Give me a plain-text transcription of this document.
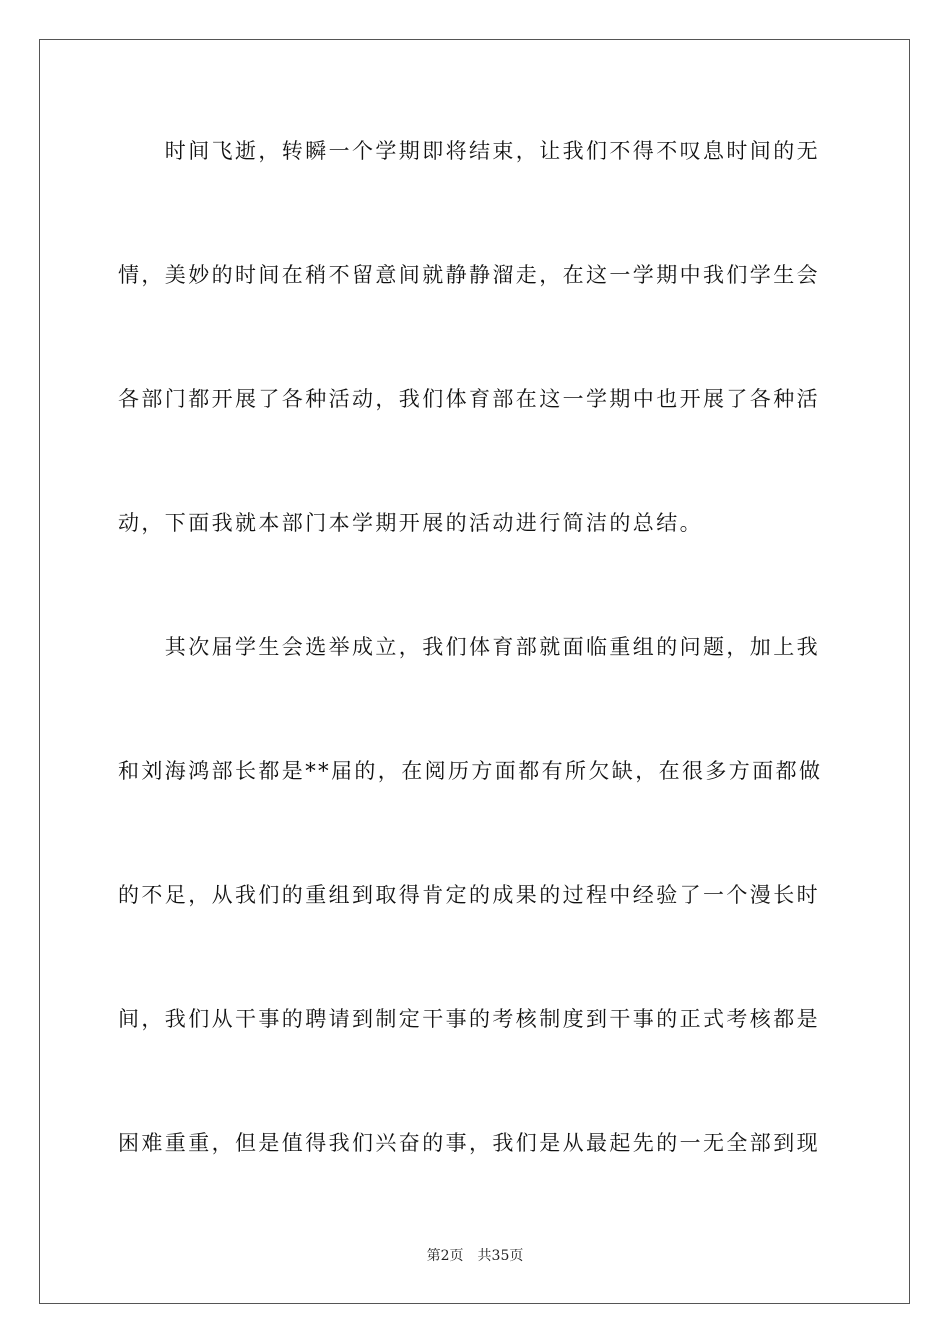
　　时间飞逝，转瞬一个学期即将结束，让我们不得不叹息时间的无
情，美妙的时间在稍不留意间就静静溜走，在这一学期中我们学生会
各部门都开展了各种活动，我们体育部在这一学期中也开展了各种活
动，下面我就本部门本学期开展的活动进行简洁的总结。
　　其次届学生会选举成立，我们体育部就面临重组的问题，加上我
和刘海鸿部长都是**届的，在阅历方面都有所欠缺，在很多方面都做
的不足，从我们的重组到取得肯定的成果的过程中经验了一个漫长时
间，我们从干事的聘请到制定干事的考核制度到干事的正式考核都是
困难重重，但是值得我们兴奋的事，我们是从最起先的一无全部到现
第2页 共35页
